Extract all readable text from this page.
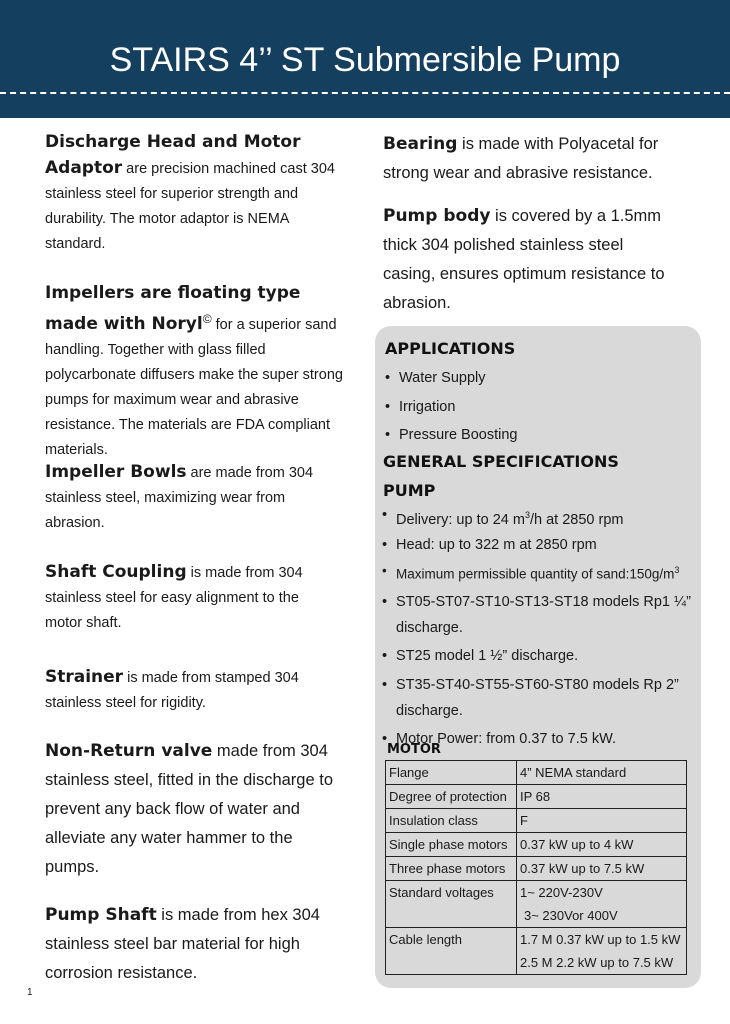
STAIRS 4’’ ST Submersible Pump
Discharge Head and Motor Adaptor are precision machined cast 304 stainless steel for superior strength and durability. The motor adaptor is NEMA standard.
Impellers are floating type made with Noryl© for a superior sand handling. Together with glass filled polycarbonate diffusers make the super strong pumps for maximum wear and abrasive resistance. The materials are FDA compliant materials.
Impeller Bowls are made from 304 stainless steel, maximizing wear from abrasion.
Shaft Coupling is made from 304 stainless steel for easy alignment to the motor shaft.
Strainer is made from stamped 304 stainless steel for rigidity.
Non-Return valve made from 304 stainless steel, fitted in the discharge to prevent any back flow of water and alleviate any water hammer to the pumps.
Pump Shaft is made from hex 304 stainless steel bar material for high corrosion resistance.
Bearing is made with Polyacetal for strong wear and abrasive resistance.
Pump body is covered by a 1.5mm thick 304 polished stainless steel casing, ensures optimum resistance to abrasion.
APPLICATIONS
• Water Supply
• Irrigation
• Pressure Boosting
GENERAL SPECIFICATIONS
PUMP
• Delivery: up to 24 $m^3/h$ at 2850 rpm
• Head: up to 322 m at 2850 rpm
• Maximum permissible quantity of $sand:150g/m^3$
• ST05-ST07-ST10-ST13-ST18 models Rp1 ¼” discharge.
• ST25 model 1 ½” discharge.
• ST35-ST40-ST55-ST60-ST80 models Rp 2” discharge.
• Motor Power: from 0.37 to 7.5 kW.
MOTOR
Flange	4” NEMA standard
Degree of protection	IP 68
Insulation class	F
Single phase motors	0.37 kW up to 4 kW
Three phase motors	0.37 kW up to 7.5 kW
Standard voltages	1~ 220V-230V
3~ 230Vor 400V

Cable length	1.7 M 0.37 kW up to 1.5 kW
2.5 M 2.2 kW up to 7.5 kW
1
